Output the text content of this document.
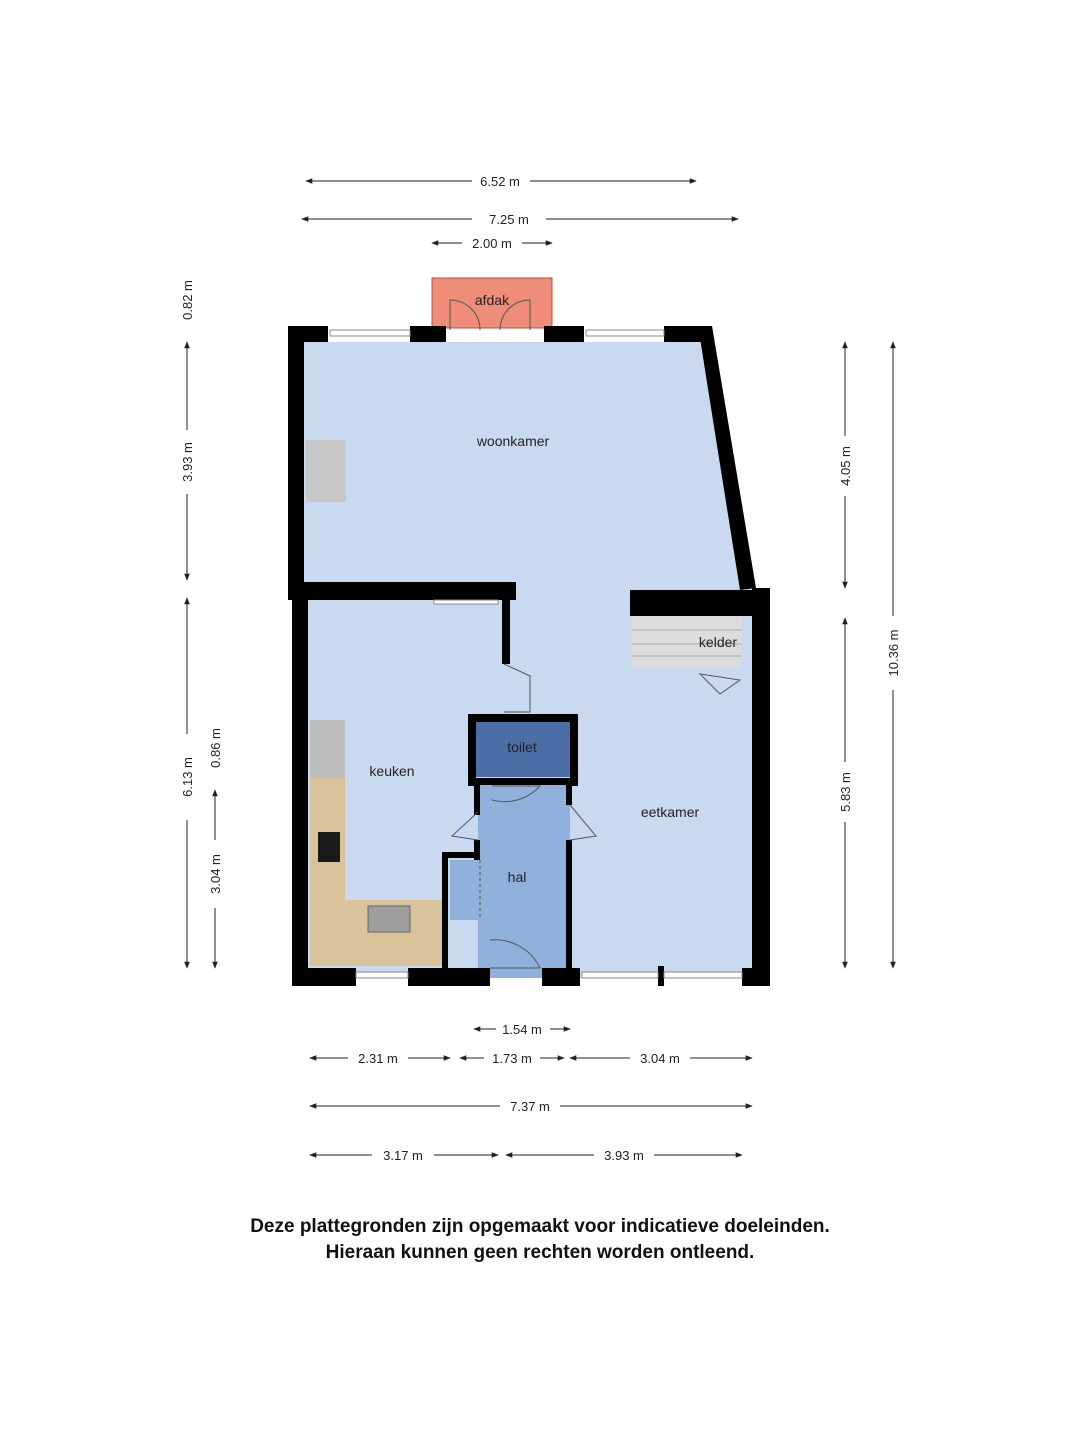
afdak
woonkamer
kelder
toilet
keuken
eetkamer
hal
6.52 m
7.25 m
2.00 m
0.82 m
3.93 m
6.13 m
0.86 m
3.04 m
4.05 m
5.83 m
10.36 m
1.54 m
2.31 m	1.73 m	3.04 m
7.37 m
3.17 m	3.93 m
Deze plattegronden zijn opgemaakt voor indicatieve doeleinden.
Hieraan kunnen geen rechten worden ontleend.
